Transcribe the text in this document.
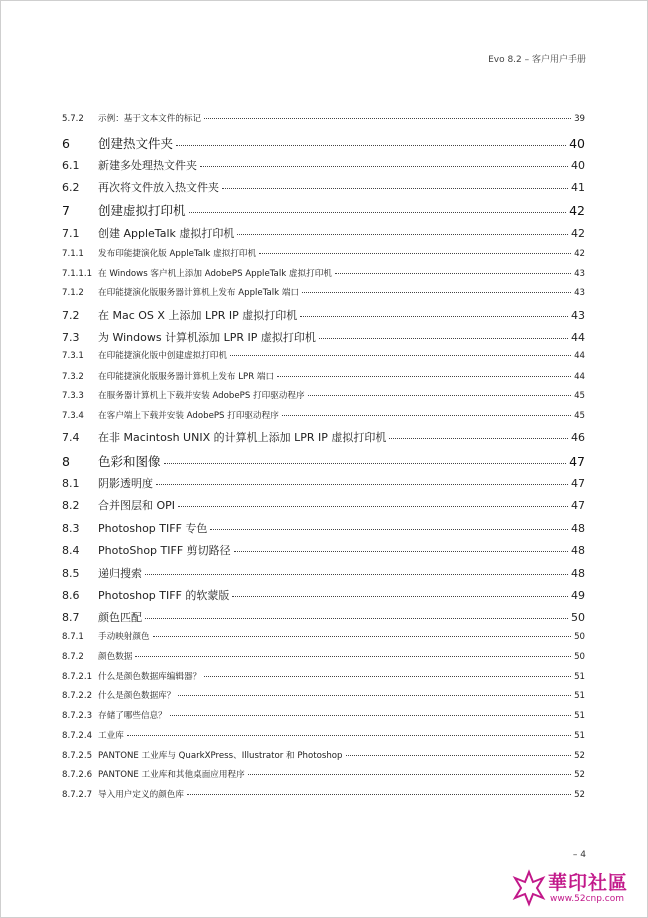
Evo 8.2 – 客户用户手册
5.7.2	示例：基于文本文件的标记	39
6	创建热文件夹	40
6.1	新建多处理热文件夹	40
6.2	再次将文件放入热文件夹	41
7	创建虚拟打印机	42
7.1	创建 AppleTalk 虚拟打印机	42
7.1.1	发布印能捷演化版 AppleTalk 虚拟打印机	42
7.1.1.1 在 Windows 客户机上添加 AdobePS AppleTalk 虚拟打印机	43
7.1.2	在印能捷演化版服务器计算机上发布 AppleTalk 端口	43
7.2	在 Mac OS X 上添加 LPR IP 虚拟打印机	43
7.3	为 Windows 计算机添加 LPR IP 虚拟打印机	44
7.3.1	在印能捷演化版中创建虚拟打印机	44
7.3.2	在印能捷演化版服务器计算机上发布 LPR 端口	44
7.3.3	在服务器计算机上下载并安装 AdobePS 打印驱动程序	45
7.3.4	在客户端上下载并安装 AdobePS 打印驱动程序	45
7.4	在非 Macintosh UNIX 的计算机上添加 LPR IP 虚拟打印机	46
8	色彩和图像	47
8.1	阴影透明度	47
8.2	合并图层和 OPI	47
8.3	Photoshop TIFF 专色	48
8.4	PhotoShop TIFF 剪切路径	48
8.5	递归搜索	48
8.6	Photoshop TIFF 的软蒙版	49
8.7	颜色匹配	50
8.7.1	手动映射颜色	50
8.7.2	颜色数据	50
8.7.2.1 什么是颜色数据库编辑器？	51
8.7.2.2 什么是颜色数据库？	51
8.7.2.3 存储了哪些信息？	51
8.7.2.4 工业库	51
8.7.2.5 PANTONE 工业库与 QuarkXPress、Illustrator 和 Photoshop	52
8.7.2.6 PANTONE 工业库和其他桌面应用程序	52
8.7.2.7 导入用户定义的颜色库	52
– 4
華印社區
www.52cnp.com
